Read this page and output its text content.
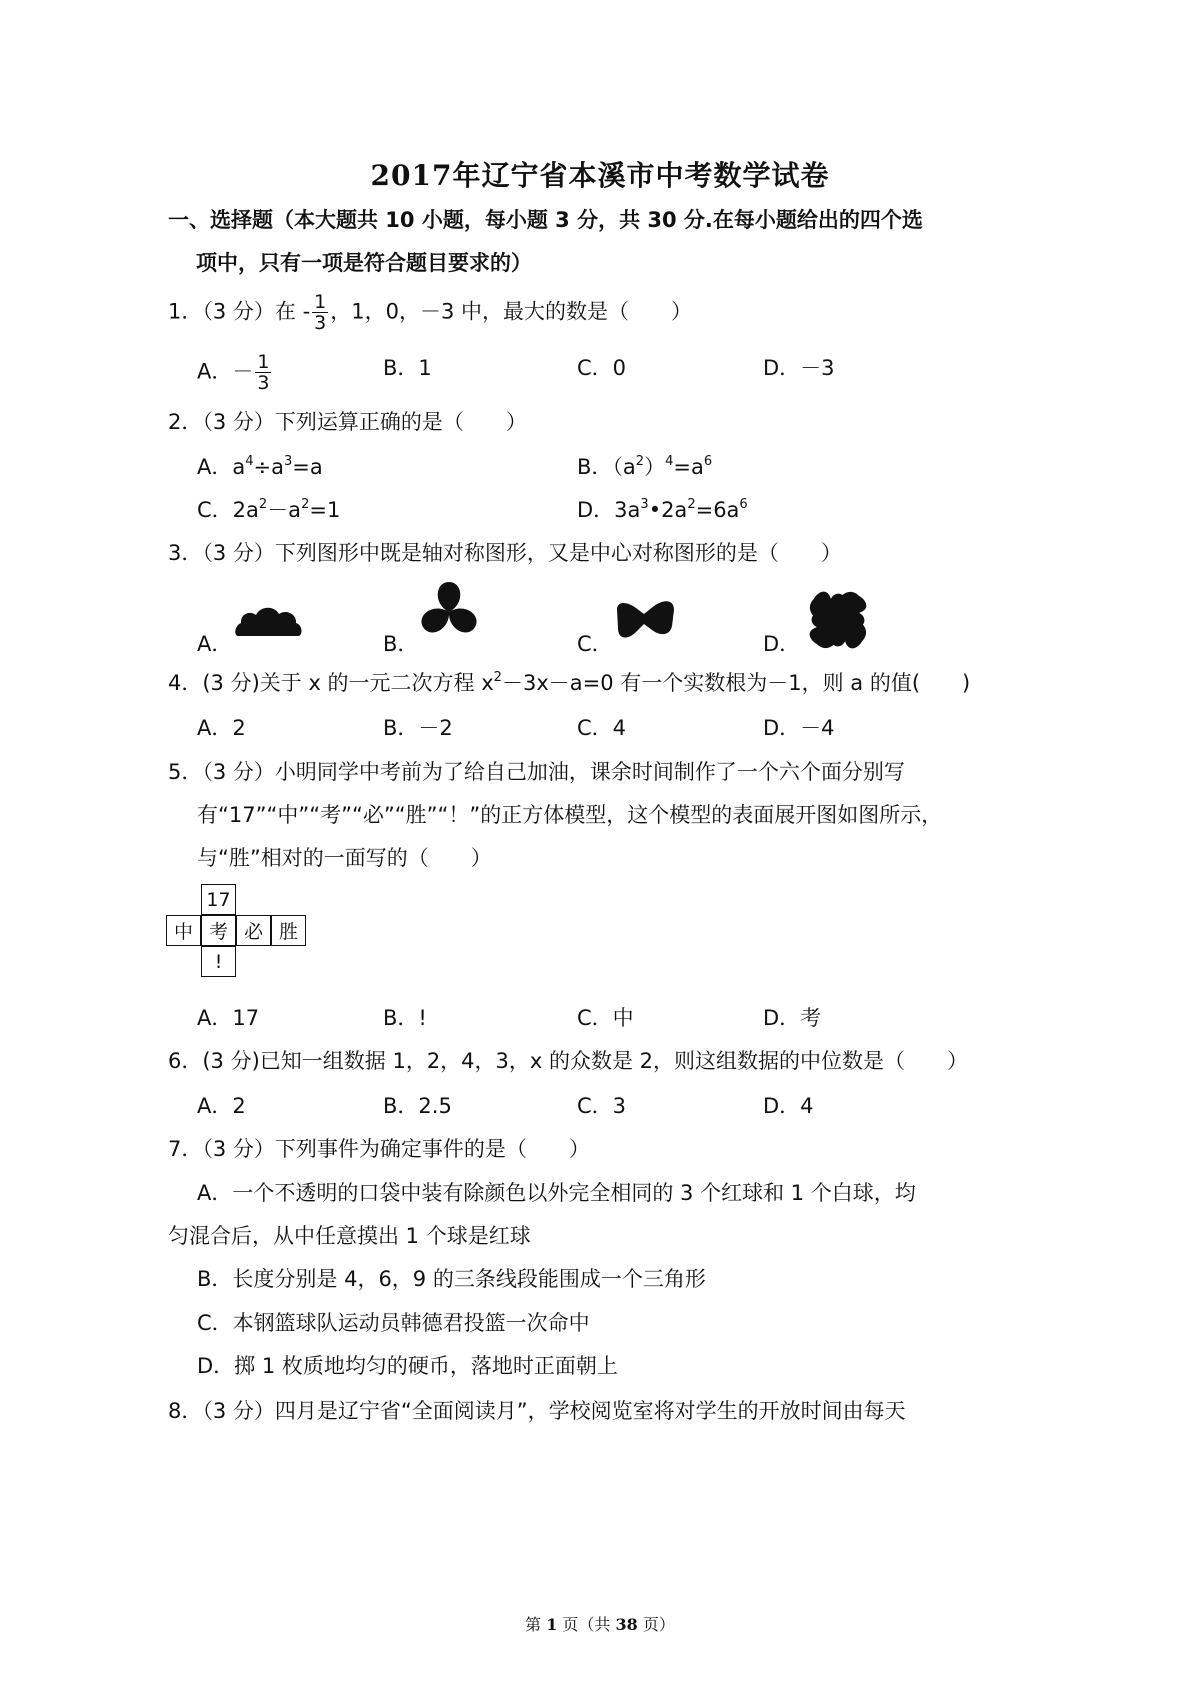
2017年辽宁省本溪市中考数学试卷
一、选择题（本大题共 10 小题，每小题 3 分，共 30 分.在每小题给出的四个选
项中，只有一项是符合题目要求的）
1．（3 分）在 - $\frac{1}{3}$ ，1，0，－3 中，最大的数是（　　）
A．－ $\frac{1}{3}$	B．1	C．0	D．－3
2．（3 分）下列运算正确的是（　　）
A．$a^4\div a^3=a$	B．$(a^2)^4=a^6$
C．$2a^2-a^2=1$	D．$3a^3•2a^2=6a^6$
3．（3 分）下列图形中既是轴对称图形，又是中心对称图形的是（　　）
A．	B．	C．	D．
4．(3 分)关于 x 的一元二次方程 $x^2-3x-a=0$ 有一个实数根为－1，则 a 的值(　　)
A．2	B．－2	C．4	D．－4
5．（3 分）小明同学中考前为了给自己加油，课余时间制作了一个六个面分别写
有“17”“中”“考”“必”“胜”“！”的正方体模型，这个模型的表面展开图如图所示，
与“胜”相对的一面写的（　　）
17
中 考 必 胜
!
A．17	B．!	C．中	D．考
6．(3 分)已知一组数据 1，2，4，3，x 的众数是 2，则这组数据的中位数是（　　）
A．2	B．2.5	C．3	D．4
7．（3 分）下列事件为确定事件的是（　　）
A．一个不透明的口袋中装有除颜色以外完全相同的 3 个红球和 1 个白球，均
匀混合后，从中任意摸出 1 个球是红球
B．长度分别是 4，6，9 的三条线段能围成一个三角形
C．本钢篮球队运动员韩德君投篮一次命中
D．掷 1 枚质地均匀的硬币，落地时正面朝上
8．（3 分）四月是辽宁省“全面阅读月”，学校阅览室将对学生的开放时间由每天
第 1 页（共 38 页）
